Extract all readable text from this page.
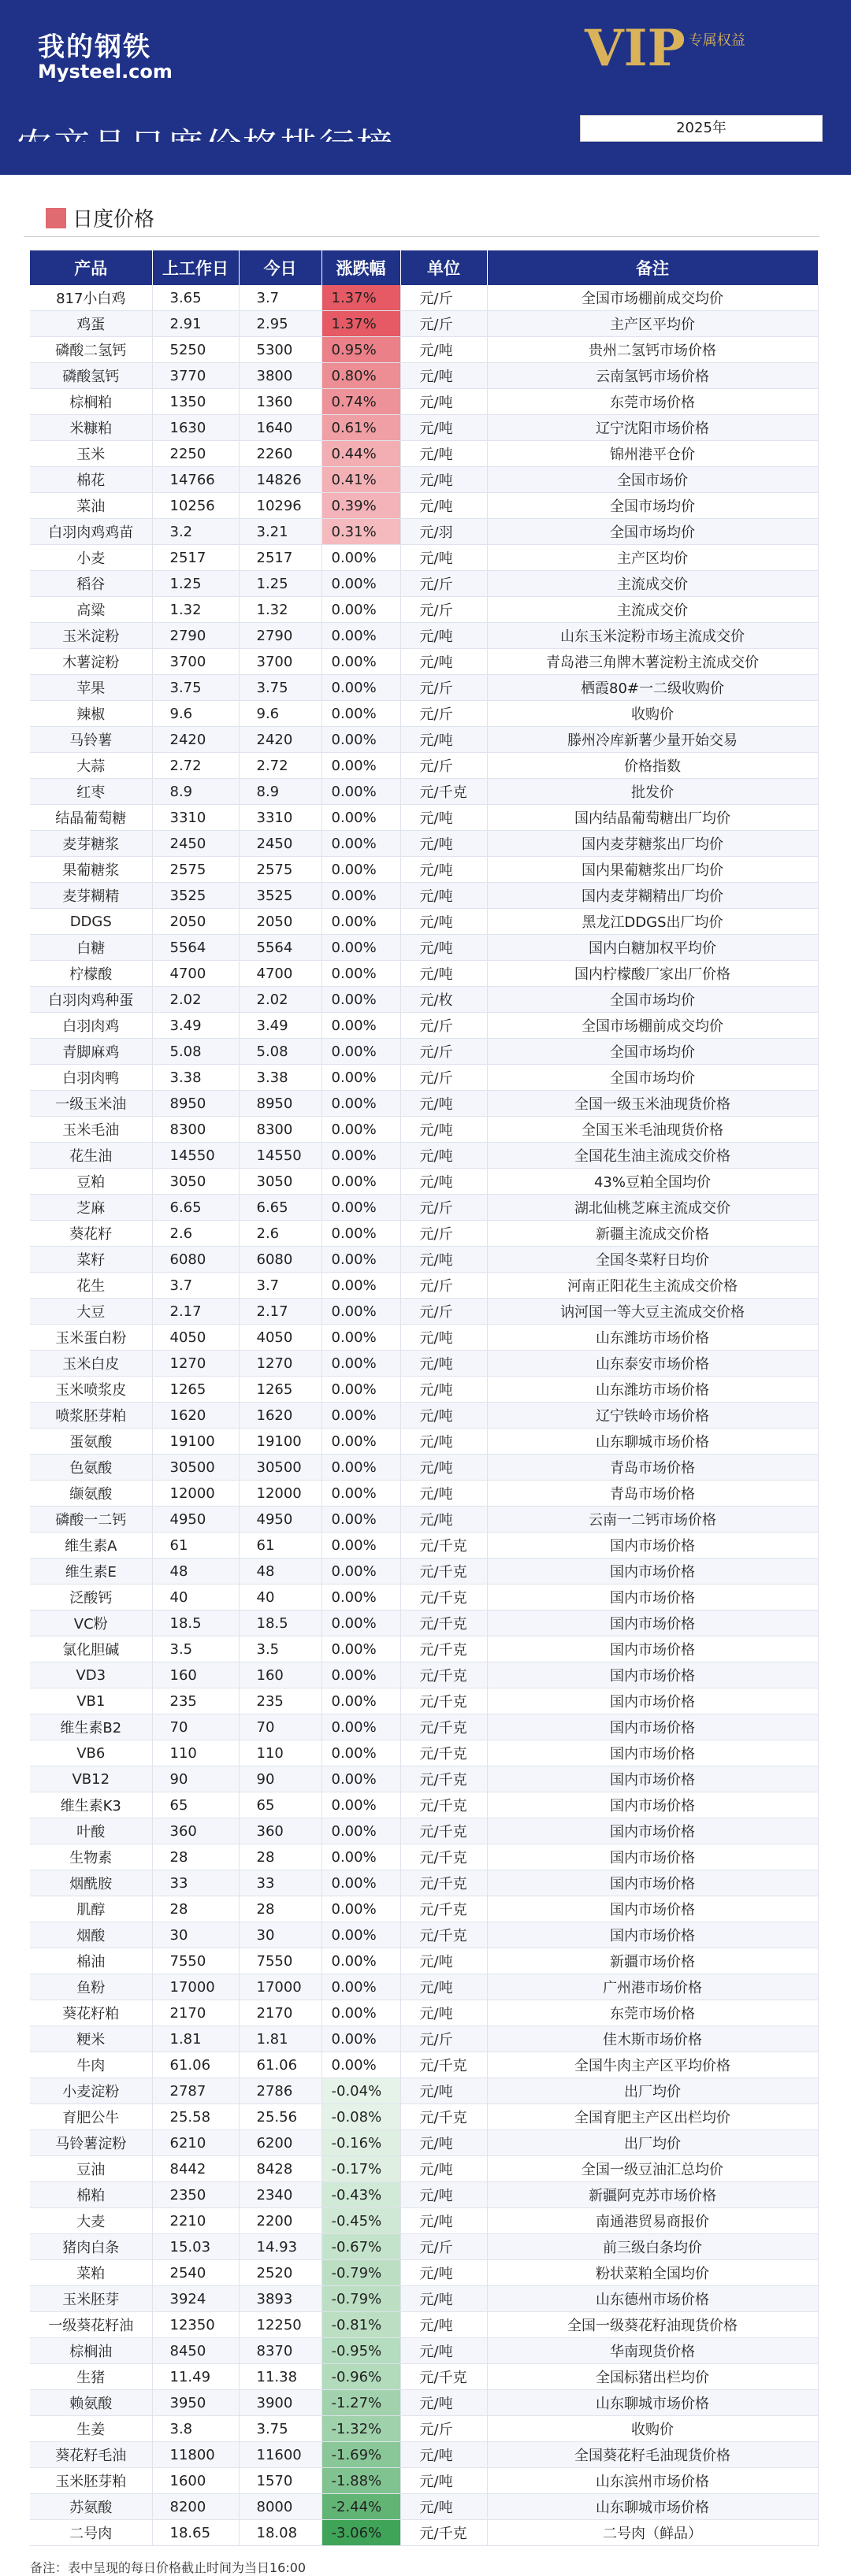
我的钢铁
Mysteel.com	VIP 专属权益
2025年
日度价格
产品	上工作日	今日	涨跌幅	单位	备注
817小白鸡	3.65	3.7	1.37%	元/斤	全国市场棚前成交均价
鸡蛋	2.91	2.95	1.37%	元/斤	主产区平均价
磷酸二氢钙	5250	5300	0.95%	元/吨	贵州二氢钙市场价格
磷酸氢钙	3770	3800	0.80%	元/吨	云南氢钙市场价格
棕榈粕	1350	1360	0.74%	元/吨	东莞市场价格
米糠粕	1630	1640	0.61%	元/吨	辽宁沈阳市场价格
玉米	2250	2260	0.44%	元/吨	锦州港平仓价
棉花	14766	14826	0.41%	元/吨	全国市场价
菜油	10256	10296	0.39%	元/吨	全国市场均价
白羽肉鸡鸡苗	3.2	3.21	0.31%	元/羽	全国市场均价
小麦	2517	2517	0.00%	元/吨	主产区均价
稻谷	1.25	1.25	0.00%	元/斤	主流成交价
高粱	1.32	1.32	0.00%	元/斤	主流成交价
玉米淀粉	2790	2790	0.00%	元/吨	山东玉米淀粉市场主流成交价
木薯淀粉	3700	3700	0.00%	元/吨	青岛港三角牌木薯淀粉主流成交价
苹果	3.75	3.75	0.00%	元/斤	栖霞80#一二级收购价
辣椒	9.6	9.6	0.00%	元/斤	收购价
马铃薯	2420	2420	0.00%	元/吨	滕州冷库新薯少量开始交易
大蒜	2.72	2.72	0.00%	元/斤	价格指数
红枣	8.9	8.9	0.00%	元/千克	批发价
结晶葡萄糖	3310	3310	0.00%	元/吨	国内结晶葡萄糖出厂均价
麦芽糖浆	2450	2450	0.00%	元/吨	国内麦芽糖浆出厂均价
果葡糖浆	2575	2575	0.00%	元/吨	国内果葡糖浆出厂均价
麦芽糊精	3525	3525	0.00%	元/吨	国内麦芽糊精出厂均价
DDGS	2050	2050	0.00%	元/吨	黑龙江DDGS出厂均价
白糖	5564	5564	0.00%	元/吨	国内白糖加权平均价
柠檬酸	4700	4700	0.00%	元/吨	国内柠檬酸厂家出厂价格
白羽肉鸡种蛋	2.02	2.02	0.00%	元/枚	全国市场均价
白羽肉鸡	3.49	3.49	0.00%	元/斤	全国市场棚前成交均价
青脚麻鸡	5.08	5.08	0.00%	元/斤	全国市场均价
白羽肉鸭	3.38	3.38	0.00%	元/斤	全国市场均价
一级玉米油	8950	8950	0.00%	元/吨	全国一级玉米油现货价格
玉米毛油	8300	8300	0.00%	元/吨	全国玉米毛油现货价格
花生油	14550	14550	0.00%	元/吨	全国花生油主流成交价格
豆粕	3050	3050	0.00%	元/吨	43%豆粕全国均价
芝麻	6.65	6.65	0.00%	元/斤	湖北仙桃芝麻主流成交价
葵花籽	2.6	2.6	0.00%	元/斤	新疆主流成交价格
菜籽	6080	6080	0.00%	元/吨	全国冬菜籽日均价
花生	3.7	3.7	0.00%	元/斤	河南正阳花生主流成交价格
大豆	2.17	2.17	0.00%	元/斤	讷河国一等大豆主流成交价格
玉米蛋白粉	4050	4050	0.00%	元/吨	山东潍坊市场价格
玉米白皮	1270	1270	0.00%	元/吨	山东泰安市场价格
玉米喷浆皮	1265	1265	0.00%	元/吨	山东潍坊市场价格
喷浆胚芽粕	1620	1620	0.00%	元/吨	辽宁铁岭市场价格
蛋氨酸	19100	19100	0.00%	元/吨	山东聊城市场价格
色氨酸	30500	30500	0.00%	元/吨	青岛市场价格
缬氨酸	12000	12000	0.00%	元/吨	青岛市场价格
磷酸一二钙	4950	4950	0.00%	元/吨	云南一二钙市场价格
维生素A	61	61	0.00%	元/千克	国内市场价格
维生素E	48	48	0.00%	元/千克	国内市场价格
泛酸钙	40	40	0.00%	元/千克	国内市场价格
VC粉	18.5	18.5	0.00%	元/千克	国内市场价格
氯化胆碱	3.5	3.5	0.00%	元/千克	国内市场价格
VD3	160	160	0.00%	元/千克	国内市场价格
VB1	235	235	0.00%	元/千克	国内市场价格
维生素B2	70	70	0.00%	元/千克	国内市场价格
VB6	110	110	0.00%	元/千克	国内市场价格
VB12	90	90	0.00%	元/千克	国内市场价格
维生素K3	65	65	0.00%	元/千克	国内市场价格
叶酸	360	360	0.00%	元/千克	国内市场价格
生物素	28	28	0.00%	元/千克	国内市场价格
烟酰胺	33	33	0.00%	元/千克	国内市场价格
肌醇	28	28	0.00%	元/千克	国内市场价格
烟酸	30	30	0.00%	元/千克	国内市场价格
棉油	7550	7550	0.00%	元/吨	新疆市场价格
鱼粉	17000	17000	0.00%	元/吨	广州港市场价格
葵花籽粕	2170	2170	0.00%	元/吨	东莞市场价格
粳米	1.81	1.81	0.00%	元/斤	佳木斯市场价格
牛肉	61.06	61.06	0.00%	元/千克	全国牛肉主产区平均价格
小麦淀粉	2787	2786	-0.04%	元/吨	出厂均价
育肥公牛	25.58	25.56	-0.08%	元/千克	全国育肥主产区出栏均价
马铃薯淀粉	6210	6200	-0.16%	元/吨	出厂均价
豆油	8442	8428	-0.17%	元/吨	全国一级豆油汇总均价
棉粕	2350	2340	-0.43%	元/吨	新疆阿克苏市场价格
大麦	2210	2200	-0.45%	元/吨	南通港贸易商报价
猪肉白条	15.03	14.93	-0.67%	元/斤	前三级白条均价
菜粕	2540	2520	-0.79%	元/吨	粉状菜粕全国均价
玉米胚芽	3924	3893	-0.79%	元/吨	山东德州市场价格
一级葵花籽油	12350	12250	-0.81%	元/吨	全国一级葵花籽油现货价格
棕榈油	8450	8370	-0.95%	元/吨	华南现货价格
生猪	11.49	11.38	-0.96%	元/千克	全国标猪出栏均价
赖氨酸	3950	3900	-1.27%	元/吨	山东聊城市场价格
生姜	3.8	3.75	-1.32%	元/斤	收购价
葵花籽毛油	11800	11600	-1.69%	元/吨	全国葵花籽毛油现货价格
玉米胚芽粕	1600	1570	-1.88%	元/吨	山东滨州市场价格
苏氨酸	8200	8000	-2.44%	元/吨	山东聊城市场价格
二号肉	18.65	18.08	-3.06%	元/千克	二号肉（鲜品）
备注：表中呈现的每日价格截止时间为当日16:00
